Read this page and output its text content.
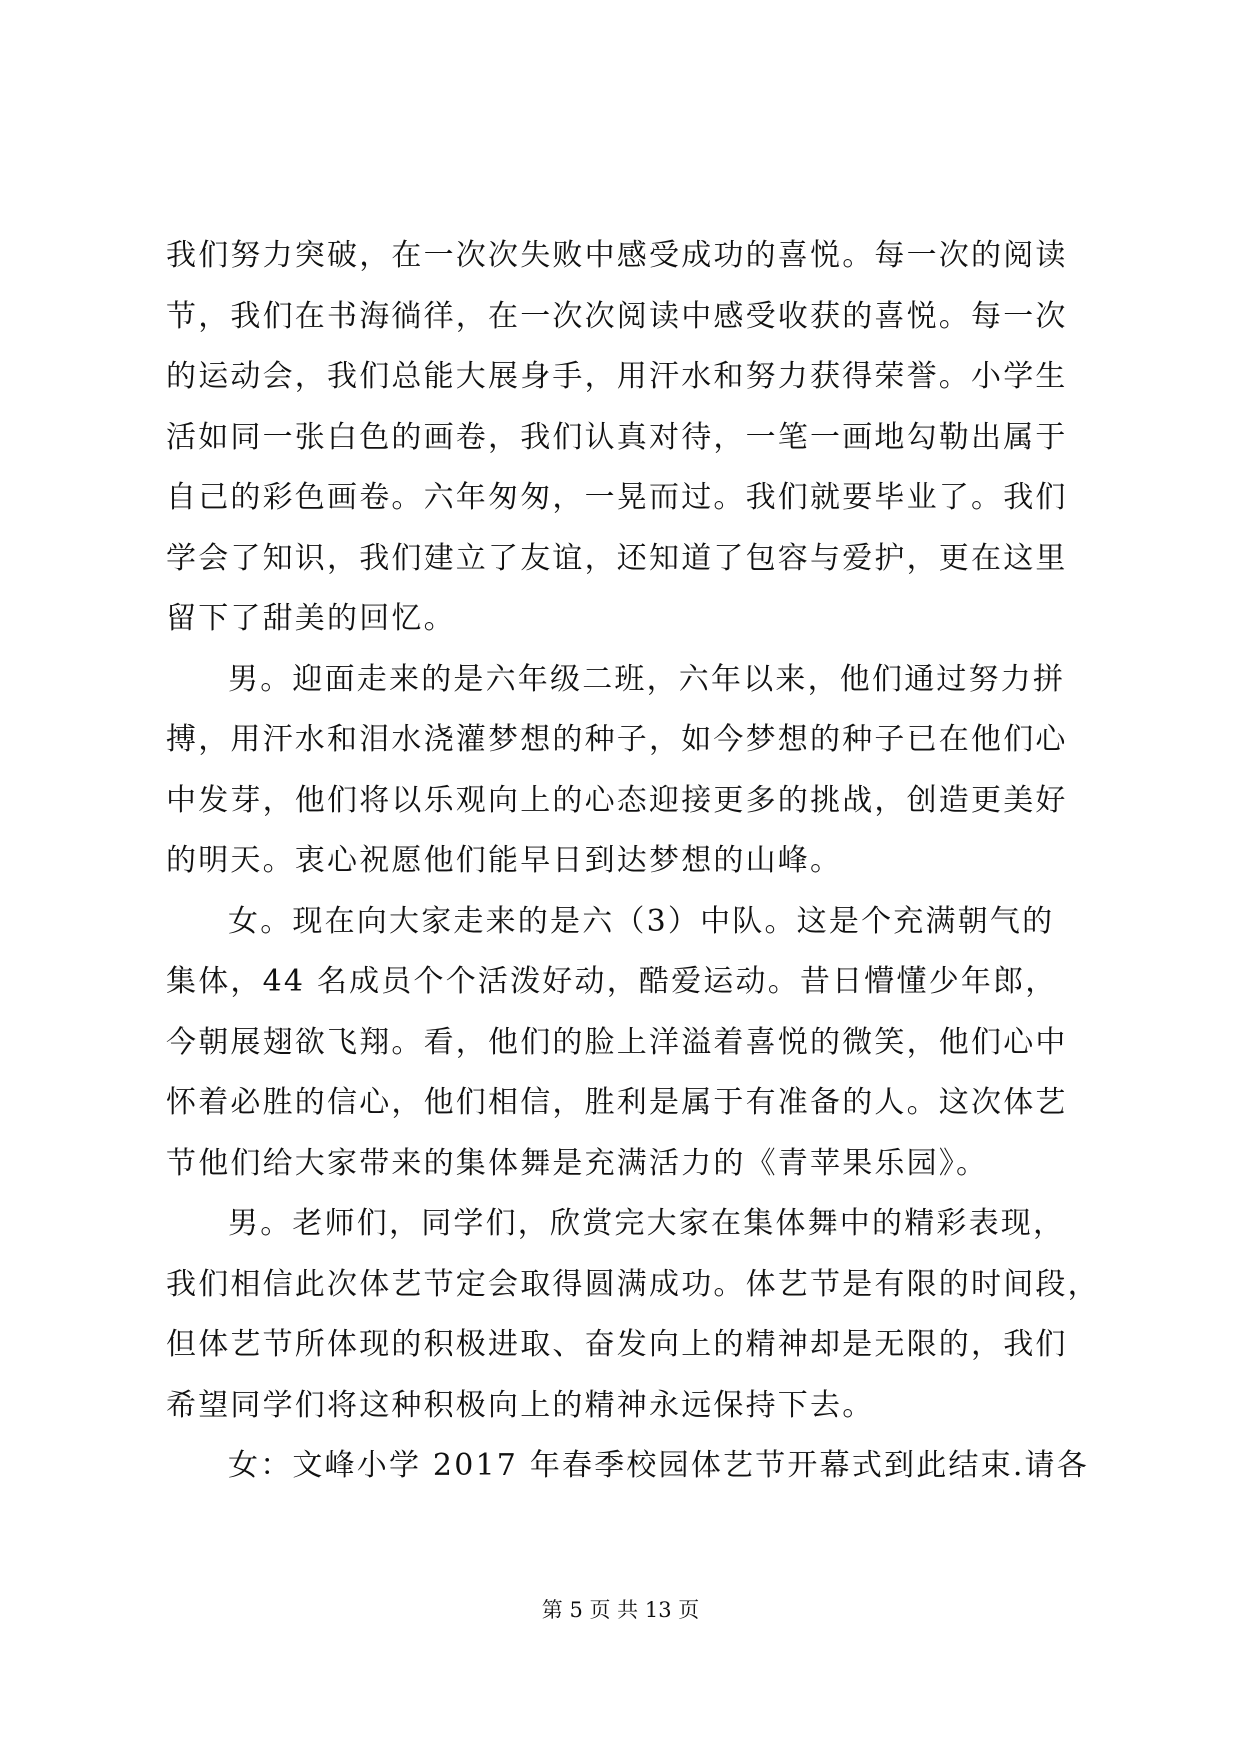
我们努力突破，在一次次失败中感受成功的喜悦。每一次的阅读
节，我们在书海徜徉，在一次次阅读中感受收获的喜悦。每一次
的运动会，我们总能大展身手，用汗水和努力获得荣誉。小学生
活如同一张白色的画卷，我们认真对待，一笔一画地勾勒出属于
自己的彩色画卷。六年匆匆，一晃而过。我们就要毕业了。我们
学会了知识，我们建立了友谊，还知道了包容与爱护，更在这里
留下了甜美的回忆。
男。迎面走来的是六年级二班，六年以来，他们通过努力拼
搏，用汗水和泪水浇灌梦想的种子，如今梦想的种子已在他们心
中发芽，他们将以乐观向上的心态迎接更多的挑战，创造更美好
的明天。衷心祝愿他们能早日到达梦想的山峰。
女。现在向大家走来的是六（3）中队。这是个充满朝气的
集体，44 名成员个个活泼好动，酷爱运动。昔日懵懂少年郎，
今朝展翅欲飞翔。看，他们的脸上洋溢着喜悦的微笑，他们心中
怀着必胜的信心，他们相信，胜利是属于有准备的人。这次体艺
节他们给大家带来的集体舞是充满活力的《青苹果乐园》。
男。老师们，同学们，欣赏完大家在集体舞中的精彩表现，
我们相信此次体艺节定会取得圆满成功。体艺节是有限的时间段，
但体艺节所体现的积极进取、奋发向上的精神却是无限的，我们
希望同学们将这种积极向上的精神永远保持下去。
女：文峰小学 2017 年春季校园体艺节开幕式到此结束.请各
第 5 页 共 13 页
